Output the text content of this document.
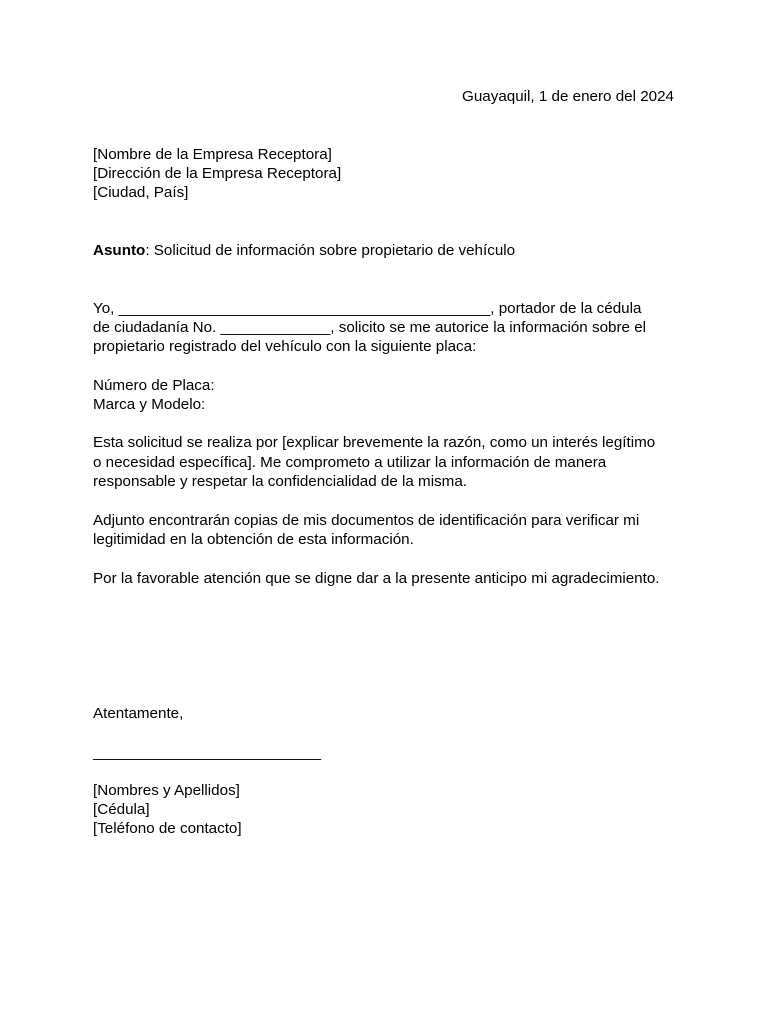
Guayaquil, 1 de enero del 2024
[Nombre de la Empresa Receptora]
[Dirección de la Empresa Receptora]
[Ciudad, País]
Asunto: Solicitud de información sobre propietario de vehículo
Yo, ____________________________________________, portador de la cédula
de ciudadanía No. _____________, solicito se me autorice la información sobre el
propietario registrado del vehículo con la siguiente placa:
Número de Placa:
Marca y Modelo:
Esta solicitud se realiza por [explicar brevemente la razón, como un interés legítimo
o necesidad específica]. Me comprometo a utilizar la información de manera
responsable y respetar la confidencialidad de la misma.
Adjunto encontrarán copias de mis documentos de identificación para verificar mi
legitimidad en la obtención de esta información.
Por la favorable atención que se digne dar a la presente anticipo mi agradecimiento.
Atentamente,
___________________________
[Nombres y Apellidos]
[Cédula]
[Teléfono de contacto]
